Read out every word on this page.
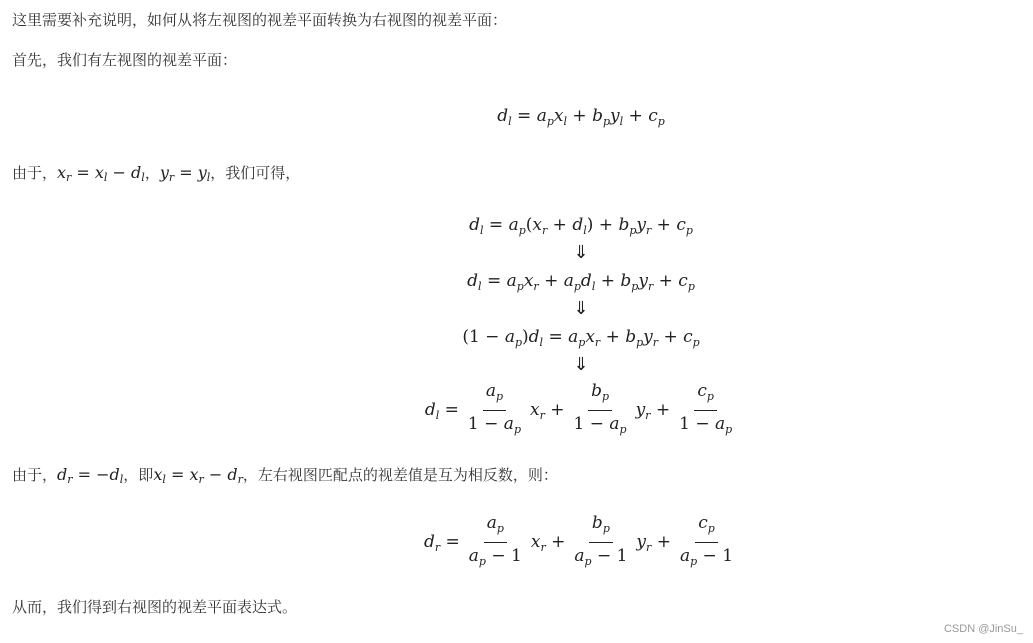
这里需要补充说明，如何从将左视图的视差平面转换为右视图的视差平面：
首先，我们有左视图的视差平面：
$d_l = a_px_l + b_py_l + c_p$
由于，$x_r = x_l - d_l$，$y_r = y_l$，我们可得，
$d_l = a_p(x_r + d_l) + b_py_r + c_p$
⇓
$d_l = a_px_r + a_pd_l + b_py_r + c_p$
⇓
$(1 - a_p)d_l = a_px_r + b_py_r + c_p$
⇓
$d_l = \frac{a_p}{1 - a_p} x_r + \frac{b_p}{1 - a_p} y_r + \frac{c_p}{1 - a_p}$
由于，$d_r = -d_l$，即$x_l = x_r - d_r$，左右视图匹配点的视差值是互为相反数，则：
$d_r = \frac{a_p}{a_p - 1} x_r + \frac{b_p}{a_p - 1} y_r + \frac{c_p}{a_p - 1}$
从而，我们得到右视图的视差平面表达式。
CSDN @JinSu_
